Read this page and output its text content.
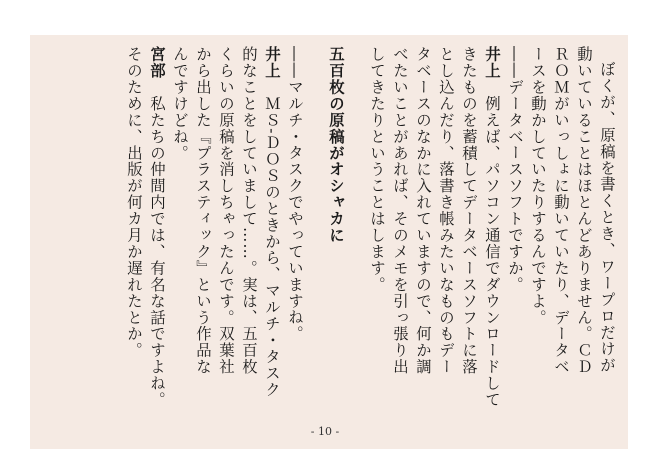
ぼくが、原稿を書くとき、ワープロだけが
動いていることはほとんどありません。ＣＤ
ＲＯＭがいっしょに動いていたり、データベ
ースを動かしていたりするんですよ。
――データベースソフトですか。
井上　例えば、パソコン通信でダウンロードして
きたものを蓄積してデータベースソフトに落
とし込んだり、落書き帳みたいなものもデー
タベースのなかに入れていますので、何か調
べたいことがあれば、そのメモを引っ張り出
してきたりということはします。
五百枚の原稿がオシャカに
――マルチ・タスクでやっていますね。
井上　ＭＳ‐ＤＯＳのときから、マルチ・タスク
的なことをしていまして……。実は、五百枚
くらいの原稿を消しちゃったんです。双葉社
から出した『プラスティック』という作品な
んですけどね。
宮部　私たちの仲間内では、有名な話ですよね。
そのために、出版が何カ月か遅れたとか。
- 10 -
